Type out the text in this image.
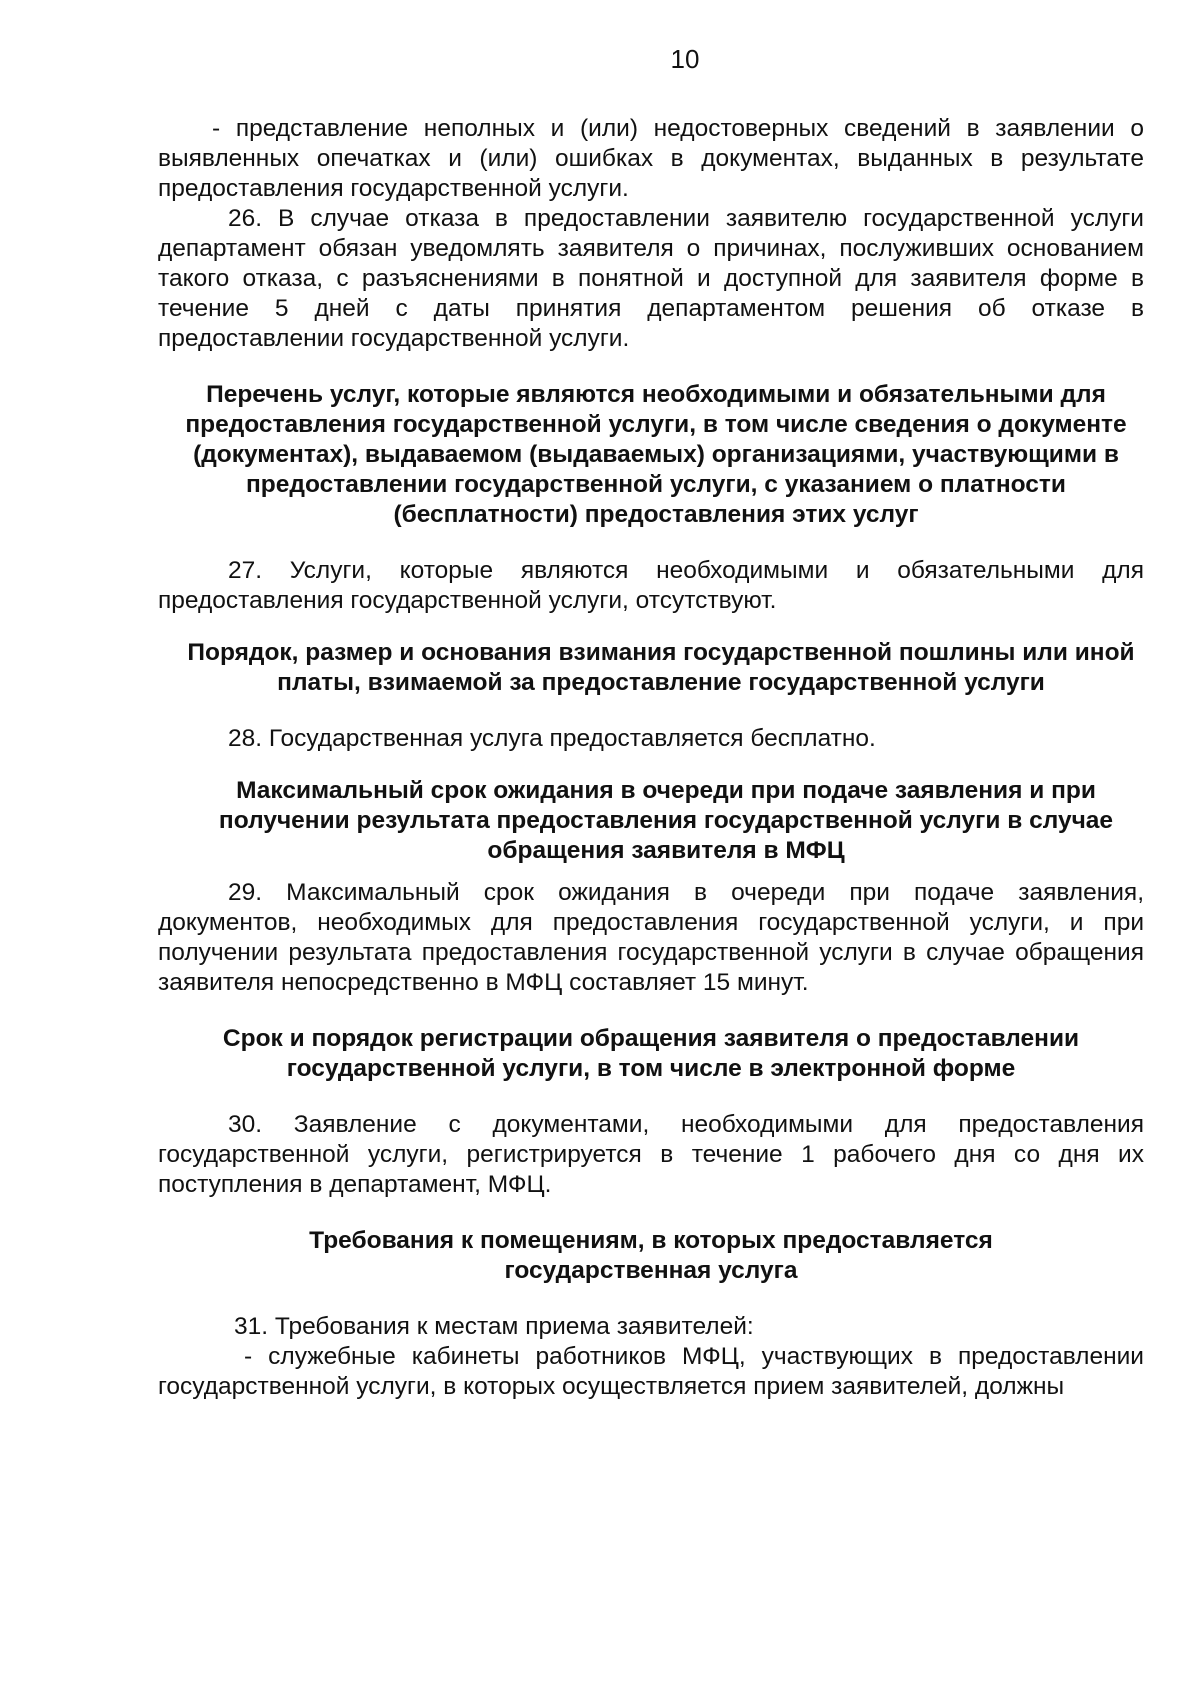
10

- представление неполных и (или) недостоверных сведений в заявлении о выявленных опечатках и (или) ошибках в документах, выданных в результате предоставления государственной услуги.

26. В случае отказа в предоставлении заявителю государственной услуги департамент обязан уведомлять заявителя о причинах, послуживших основанием такого отказа, с разъяснениями в понятной и доступной для заявителя форме в течение 5 дней с даты принятия департаментом решения об отказе в предоставлении государственной услуги.

Перечень услуг, которые являются необходимыми и обязательными для предоставления государственной услуги, в том числе сведения о документе (документах), выдаваемом (выдаваемых) организациями, участвующими в предоставлении государственной услуги, с указанием о платности (бесплатности) предоставления этих услуг

27. Услуги, которые являются необходимыми и обязательными для предоставления государственной услуги, отсутствуют.

Порядок, размер и основания взимания государственной пошлины или иной платы, взимаемой за предоставление государственной услуги

28. Государственная услуга предоставляется бесплатно.

Максимальный срок ожидания в очереди при подаче заявления и при получении результата предоставления государственной услуги в случае обращения заявителя в МФЦ

29. Максимальный срок ожидания в очереди при подаче заявления, документов, необходимых для предоставления государственной услуги, и при получении результата предоставления государственной услуги в случае обращения заявителя непосредственно в МФЦ составляет 15 минут.

Срок и порядок регистрации обращения заявителя о предоставлении государственной услуги, в том числе в электронной форме

30. Заявление с документами, необходимыми для предоставления государственной услуги, регистрируется в течение 1 рабочего дня со дня их поступления в департамент, МФЦ.

Требования к помещениям, в которых предоставляется государственная услуга

31. Требования к местам приема заявителей:

- служебные кабинеты работников МФЦ, участвующих в предоставлении государственной услуги, в которых осуществляется прием заявителей, должны
